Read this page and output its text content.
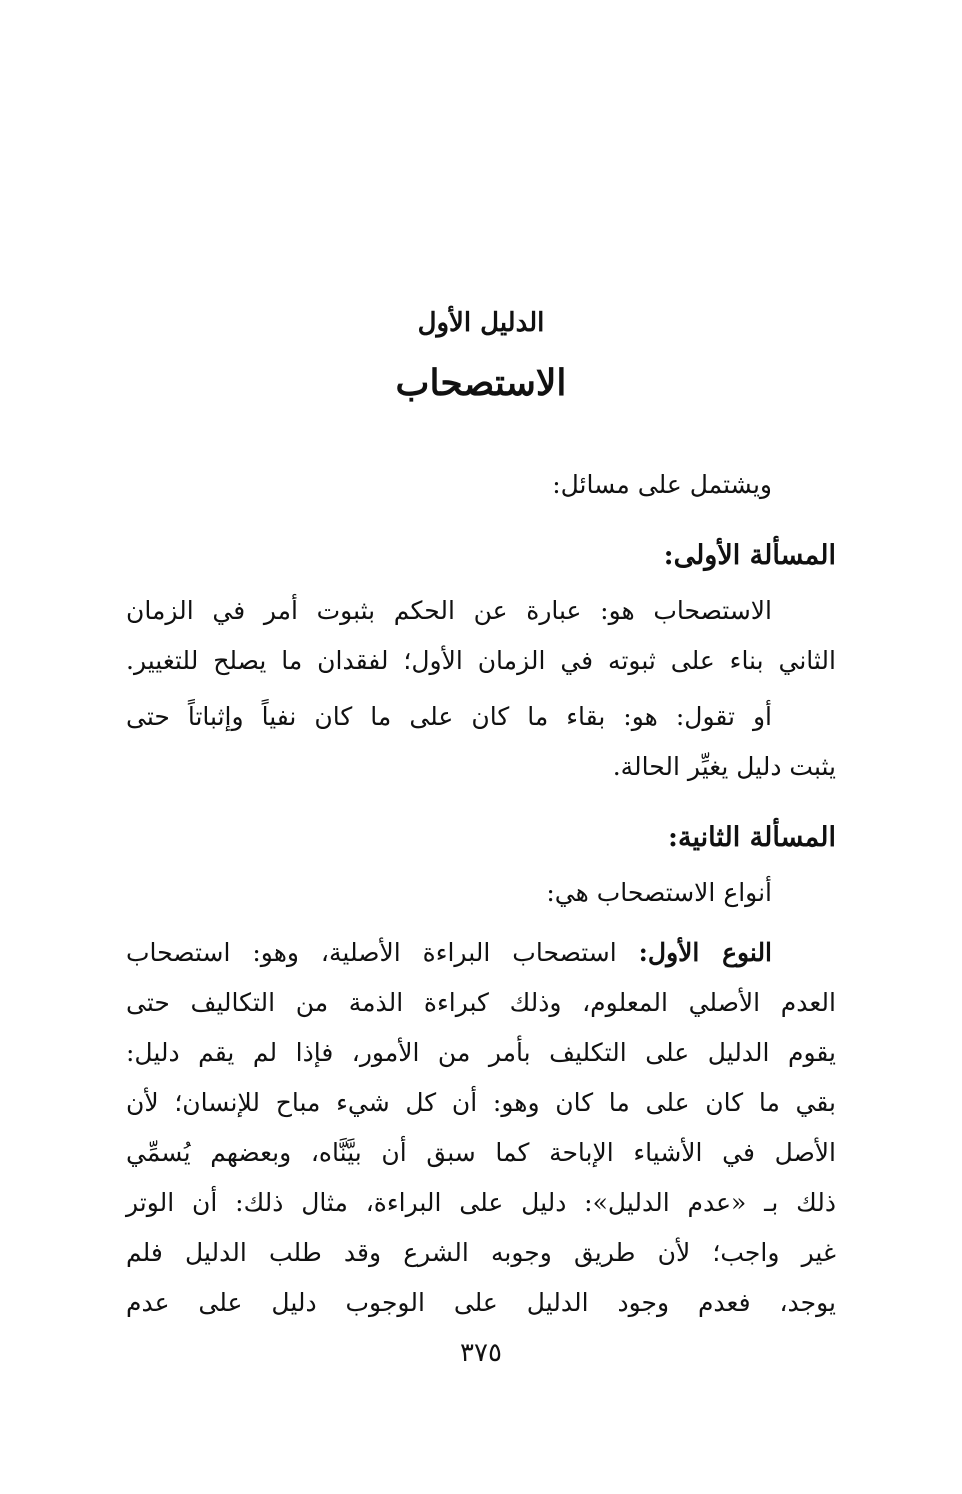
الدليل الأول
الاستصحاب
ويشتمل على مسائل:
المسألة الأولى:
الاستصحاب هو: عبارة عن الحكم بثبوت أمر في الزمان
الثاني بناء على ثبوته في الزمان الأول؛ لفقدان ما يصلح للتغيير.
أو تقول: هو: بقاء ما كان على ما كان نفياً وإثباتاً حتى
يثبت دليل يغيِّر الحالة.
المسألة الثانية:
أنواع الاستصحاب هي:
النوع الأول: استصحاب البراءة الأصلية، وهو: استصحاب
العدم الأصلي المعلوم، وذلك كبراءة الذمة من التكاليف حتى
يقوم الدليل على التكليف بأمر من الأمور، فإذا لم يقم دليل:
بقي ما كان على ما كان وهو: أن كل شيء مباح للإنسان؛ لأن
الأصل في الأشياء الإباحة كما سبق أن بيَّنَّاه، وبعضهم يُسمِّي
ذلك بـ «عدم الدليل»: دليل على البراءة، مثال ذلك: أن الوتر
غير واجب؛ لأن طريق وجوبه الشرع وقد طلب الدليل فلم
يوجد، فعدم وجود الدليل على الوجوب دليل على عدم
٣٧٥
